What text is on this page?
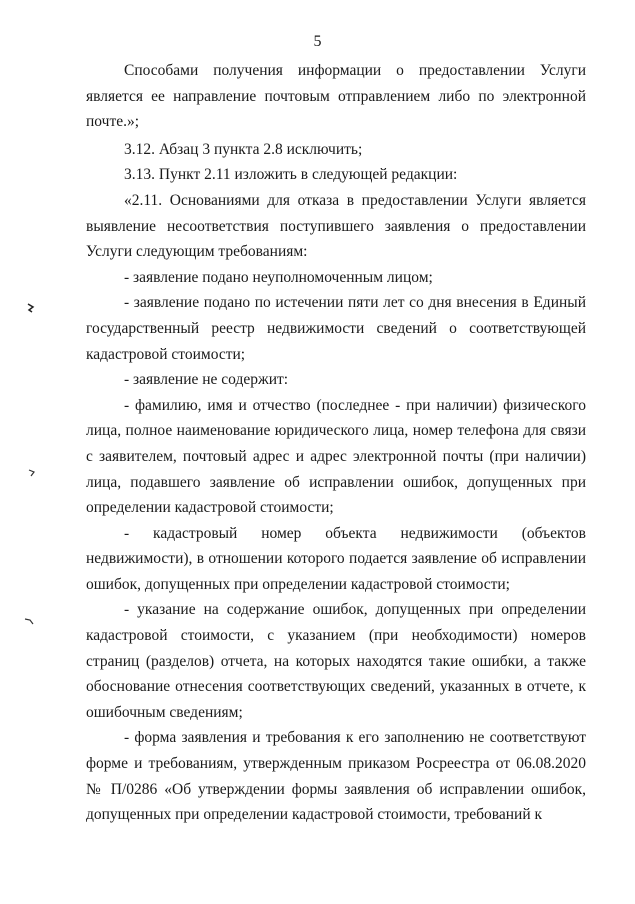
5

Способами получения информации о предоставлении Услуги является ее направление почтовым отправлением либо по электронной почте.»;

3.12. Абзац 3 пункта 2.8 исключить;

3.13. Пункт 2.11 изложить в следующей редакции:

«2.11. Основаниями для отказа в предоставлении Услуги является выявление несоответствия поступившего заявления о предоставлении Услуги следующим требованиям:

- заявление подано неуполномоченным лицом;

- заявление подано по истечении пяти лет со дня внесения в Единый государственный реестр недвижимости сведений о соответствующей кадастровой стоимости;

- заявление не содержит:

- фамилию, имя и отчество (последнее - при наличии) физического лица, полное наименование юридического лица, номер телефона для связи с заявителем, почтовый адрес и адрес электронной почты (при наличии) лица, подавшего заявление об исправлении ошибок, допущенных при определении кадастровой стоимости;

- кадастровый номер объекта недвижимости (объектов недвижимости), в отношении которого подается заявление об исправлении ошибок, допущенных при определении кадастровой стоимости;

- указание на содержание ошибок, допущенных при определении кадастровой стоимости, с указанием (при необходимости) номеров страниц (разделов) отчета, на которых находятся такие ошибки, а также обоснование отнесения соответствующих сведений, указанных в отчете, к ошибочным сведениям;

- форма заявления и требования к его заполнению не соответствуют форме и требованиям, утвержденным приказом Росреестра от 06.08.2020 № П/0286 «Об утверждении формы заявления об исправлении ошибок, допущенных при определении кадастровой стоимости, требований к
